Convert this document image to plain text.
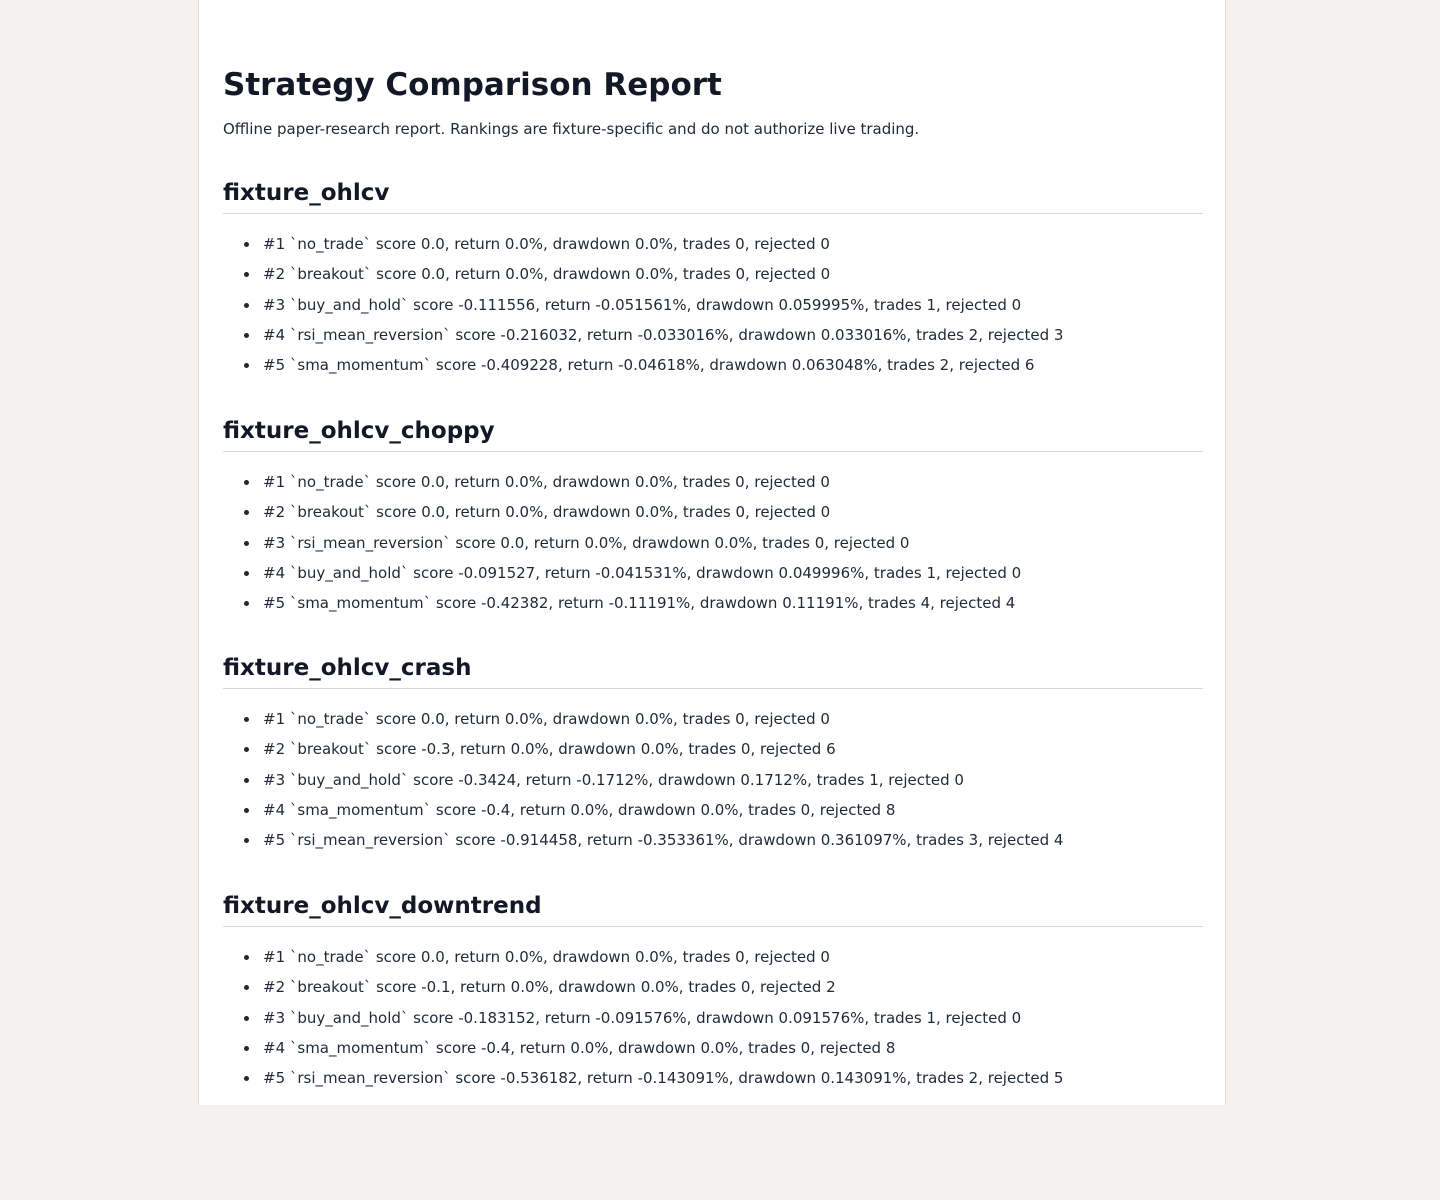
Strategy Comparison Report

Offline paper-research report. Rankings are fixture-specific and do not authorize live trading.

fixture_ohlcv
#1 `no_trade` score 0.0, return 0.0%, drawdown 0.0%, trades 0, rejected 0
#2 `breakout` score 0.0, return 0.0%, drawdown 0.0%, trades 0, rejected 0
#3 `buy_and_hold` score -0.111556, return -0.051561%, drawdown 0.059995%, trades 1, rejected 0
#4 `rsi_mean_reversion` score -0.216032, return -0.033016%, drawdown 0.033016%, trades 2, rejected 3
#5 `sma_momentum` score -0.409228, return -0.04618%, drawdown 0.063048%, trades 2, rejected 6
fixture_ohlcv_choppy
#1 `no_trade` score 0.0, return 0.0%, drawdown 0.0%, trades 0, rejected 0
#2 `breakout` score 0.0, return 0.0%, drawdown 0.0%, trades 0, rejected 0
#3 `rsi_mean_reversion` score 0.0, return 0.0%, drawdown 0.0%, trades 0, rejected 0
#4 `buy_and_hold` score -0.091527, return -0.041531%, drawdown 0.049996%, trades 1, rejected 0
#5 `sma_momentum` score -0.42382, return -0.11191%, drawdown 0.11191%, trades 4, rejected 4
fixture_ohlcv_crash
#1 `no_trade` score 0.0, return 0.0%, drawdown 0.0%, trades 0, rejected 0
#2 `breakout` score -0.3, return 0.0%, drawdown 0.0%, trades 0, rejected 6
#3 `buy_and_hold` score -0.3424, return -0.1712%, drawdown 0.1712%, trades 1, rejected 0
#4 `sma_momentum` score -0.4, return 0.0%, drawdown 0.0%, trades 0, rejected 8
#5 `rsi_mean_reversion` score -0.914458, return -0.353361%, drawdown 0.361097%, trades 3, rejected 4
fixture_ohlcv_downtrend
#1 `no_trade` score 0.0, return 0.0%, drawdown 0.0%, trades 0, rejected 0
#2 `breakout` score -0.1, return 0.0%, drawdown 0.0%, trades 0, rejected 2
#3 `buy_and_hold` score -0.183152, return -0.091576%, drawdown 0.091576%, trades 1, rejected 0
#4 `sma_momentum` score -0.4, return 0.0%, drawdown 0.0%, trades 0, rejected 8
#5 `rsi_mean_reversion` score -0.536182, return -0.143091%, drawdown 0.143091%, trades 2, rejected 5
